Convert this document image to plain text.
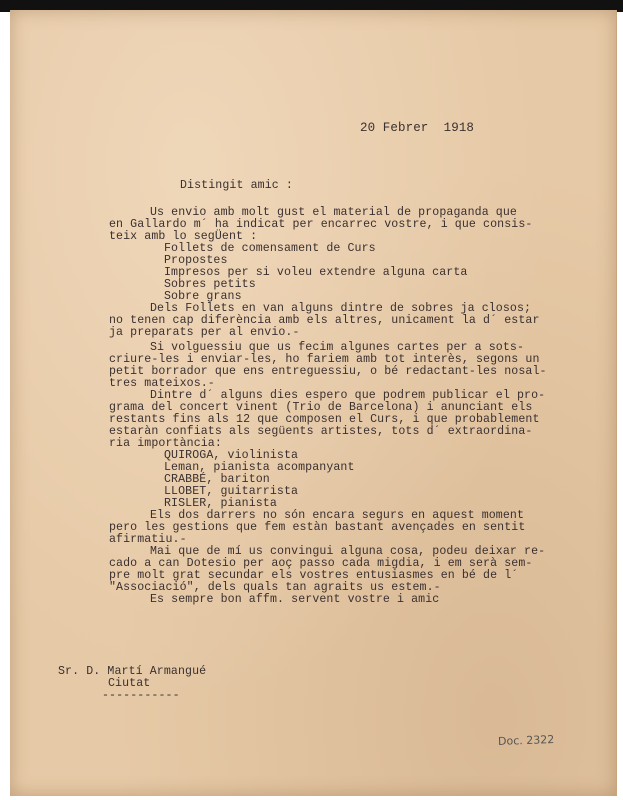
20 Febrer  1918
Distingit amic :
Us envio amb molt gust el material de propaganda que
en Gallardo m´ ha indicat per encarrec vostre, i que consis-
teix amb lo segÜent :
Follets de comensament de Curs
Propostes
Impresos per si voleu extendre alguna carta
Sobres petits
Sobre grans
Dels Follets en van alguns dintre de sobres ja closos;
no tenen cap diferència amb els altres, unicament la d´ estar
ja preparats per al envio.-
Si volguessiu que us fecim algunes cartes per a sots-
criure-les i enviar-les, ho fariem amb tot interès, segons un
petit borrador que ens entreguessiu, o bé redactant-les nosal-
tres mateixos.-
Dintre d´ alguns dies espero que podrem publicar el pro-
grama del concert vinent (Trio de Barcelona) i anunciant els
restants fins als 12 que composen el Curs, i que probablement
estaràn confiats als següents artistes, tots d´ extraordina-
ria importància:
QUIROGA, violinista
Leman, pianista acompanyant
CRABBÉ, bariton
LLOBET, guitarrista
RISLER, pianista
Els dos darrers no són encara segurs en aquest moment
pero les gestions que fem estàn bastant avençades en sentit
afirmatiu.-
Mai que de mí us convingui alguna cosa, podeu deixar re-
cado a can Dotesio per aoç passo cada migdia, i em serà sem-
pre molt grat secundar els vostres entusiasmes en bé de l´
"Associació", dels quals tan agraits us estem.-
Es sempre bon affm. servent vostre i amic
Sr. D. Martí Armangué
Ciutat
-----------
Doc. 2322
